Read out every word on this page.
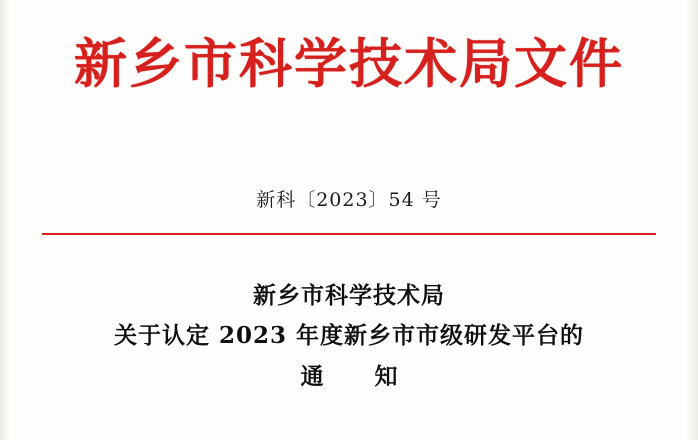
新乡市科学技术局文件
新科〔2023〕54 号
新乡市科学技术局
关于认定 2023 年度新乡市市级研发平台的
通　知
